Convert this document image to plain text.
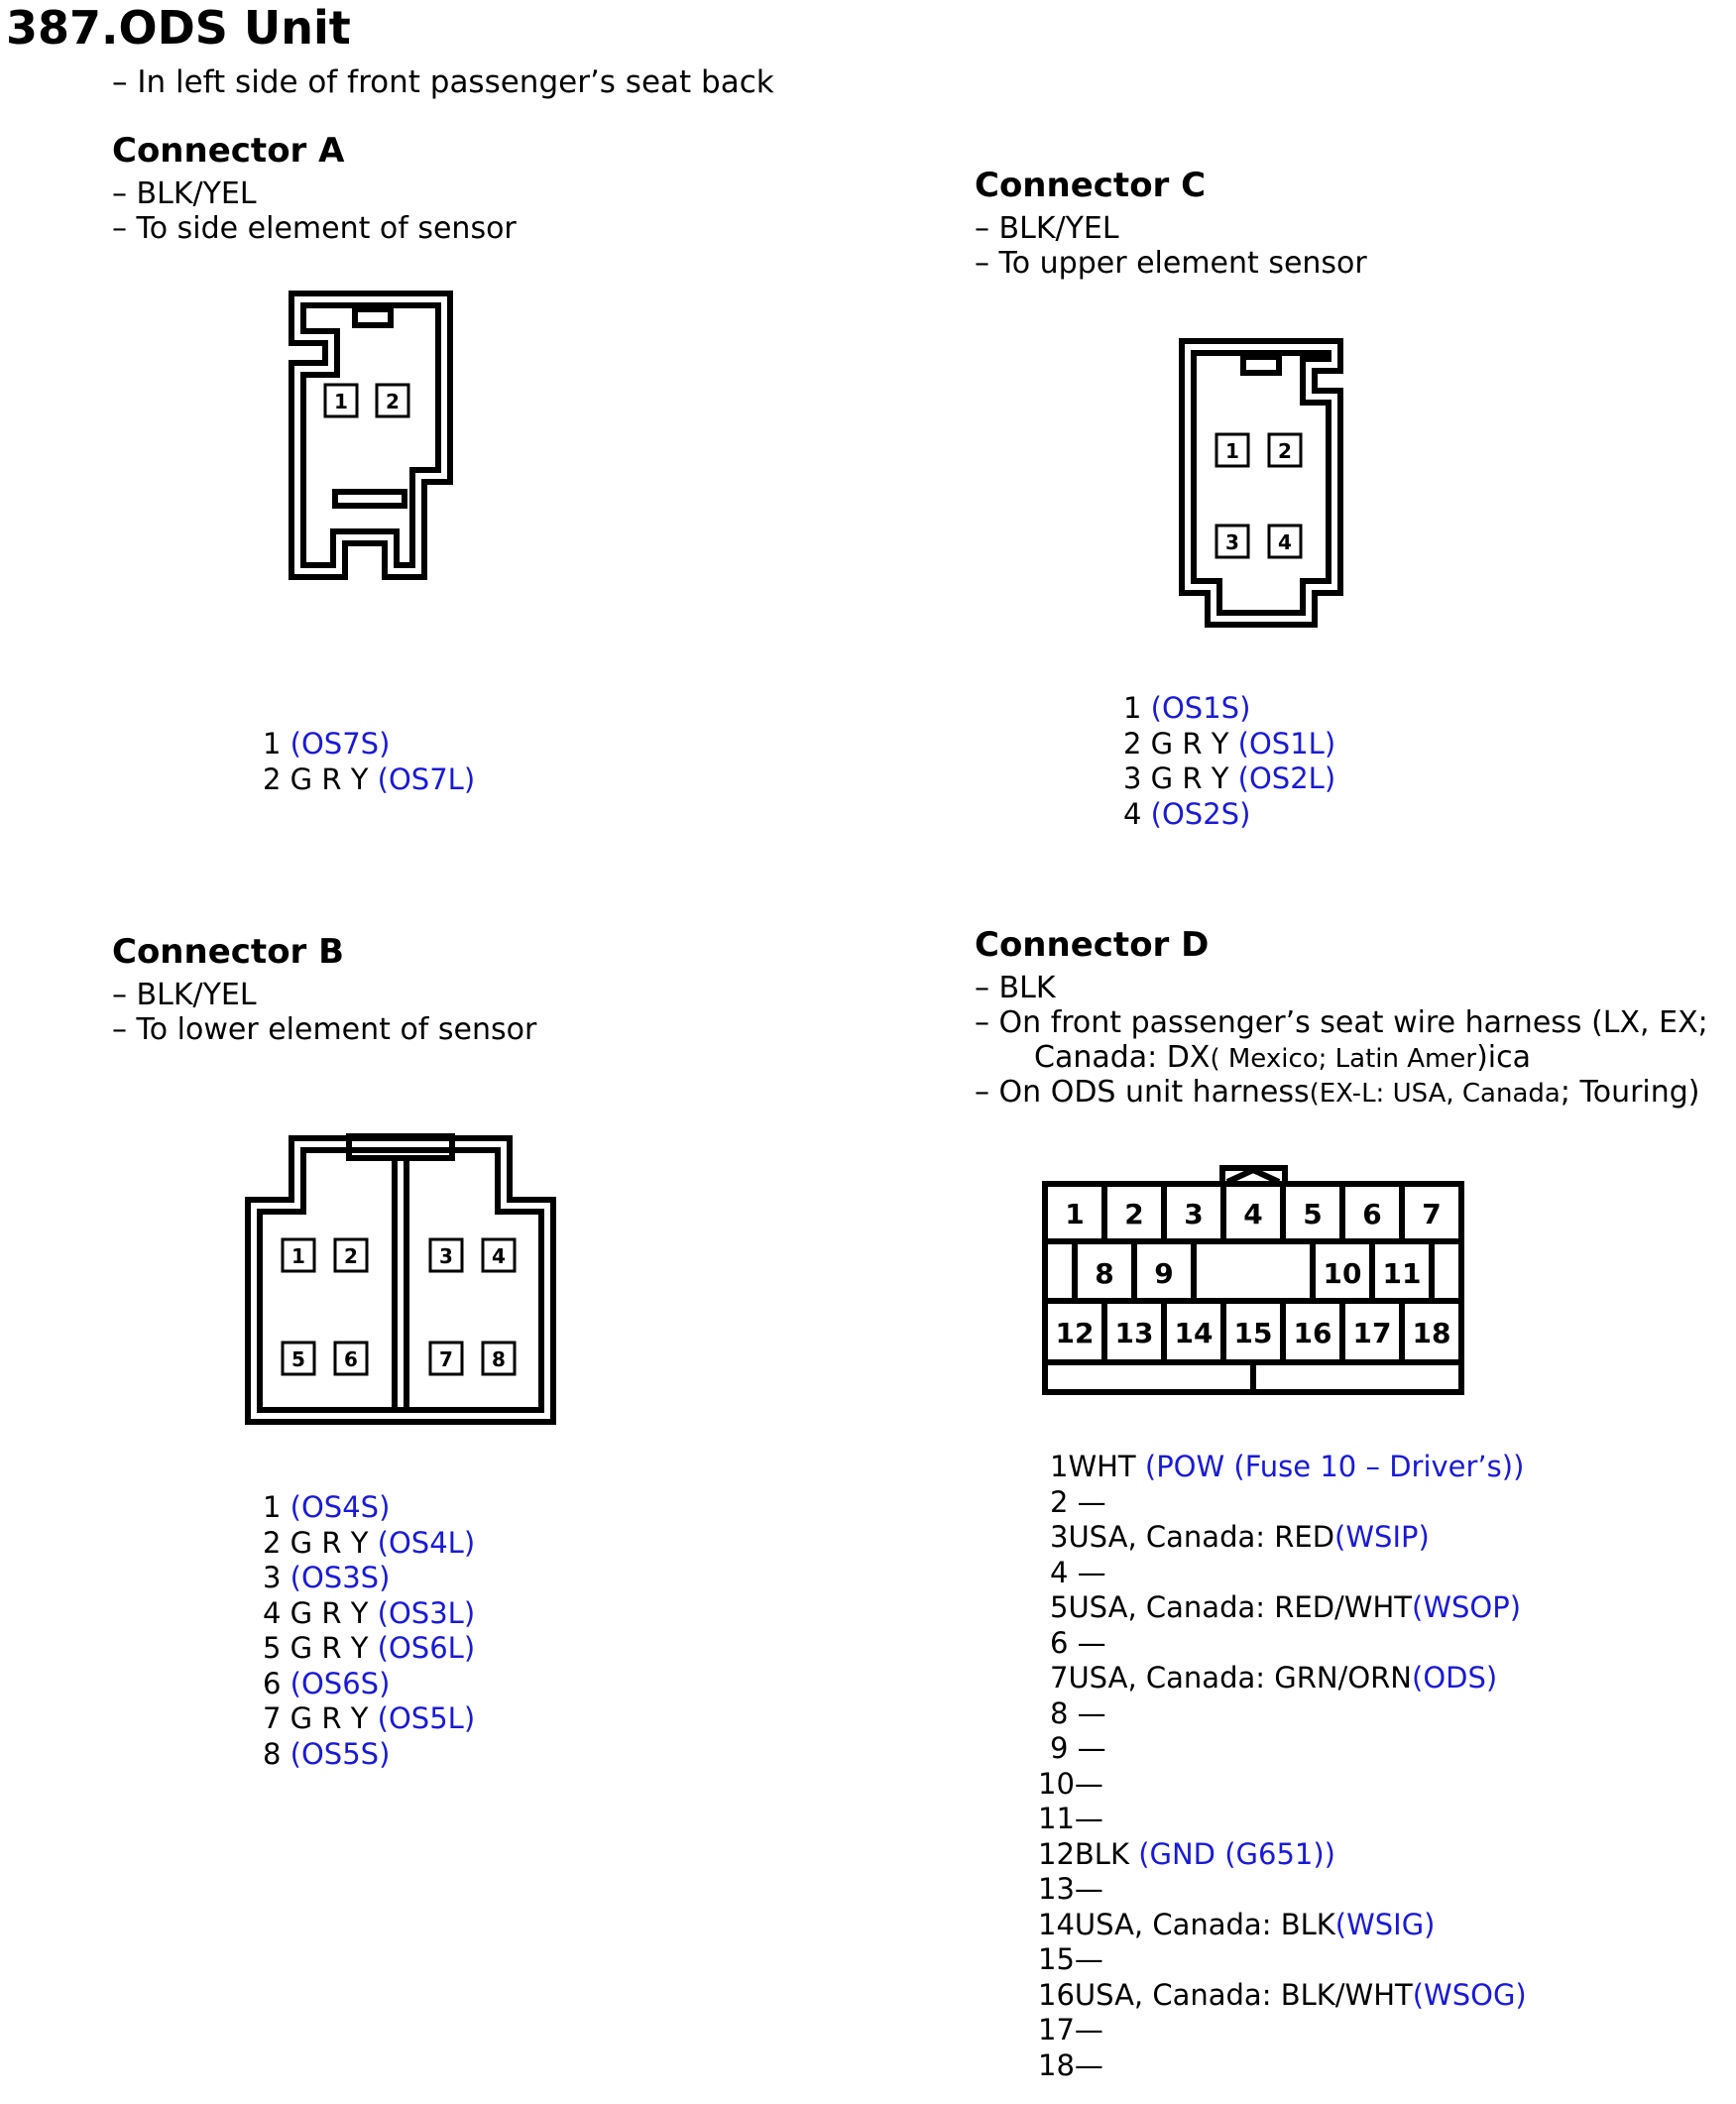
387.ODS Unit
– In left side of front passenger’s seat back
Connector A
– BLK/YEL
– To side element of sensor
1 2
1 (OS7S)
2 G R Y (OS7L)
Connector C
– BLK/YEL
– To upper element sensor
1 2
3 4
1 (OS1S)
2 G R Y (OS1L)
3 G R Y (OS2L)
4 (OS2S)
Connector B
– BLK/YEL
– To lower element of sensor
1 2	3 4
5 6	7 8
1 (OS4S)
2 G R Y (OS4L)
3 (OS3S)
4 G R Y (OS3L)
5 G R Y (OS6L)
6 (OS6S)
7 G R Y (OS5L)
8 (OS5S)
Connector D
– BLK
– On front passenger’s seat wire harness (LX, EX;
Canada: DX( Mexico; Latin Amer)ica
– On ODS unit harness(EX-L: USA, Canada; Touring)
1 2 3 4 5 6 7
8 9	10 11
12 13 14 15 16 17 18
1WHT (POW (Fuse 10 – Driver’s))
2 —
3USA, Canada: RED(WSIP)
4 —
5USA, Canada: RED/WHT(WSOP)
6 —
7USA, Canada: GRN/ORN(ODS)
8 —
9 —
10—
11—
12BLK (GND (G651))
13—
14USA, Canada: BLK(WSIG)
15—
16USA, Canada: BLK/WHT(WSOG)
17—
18—
